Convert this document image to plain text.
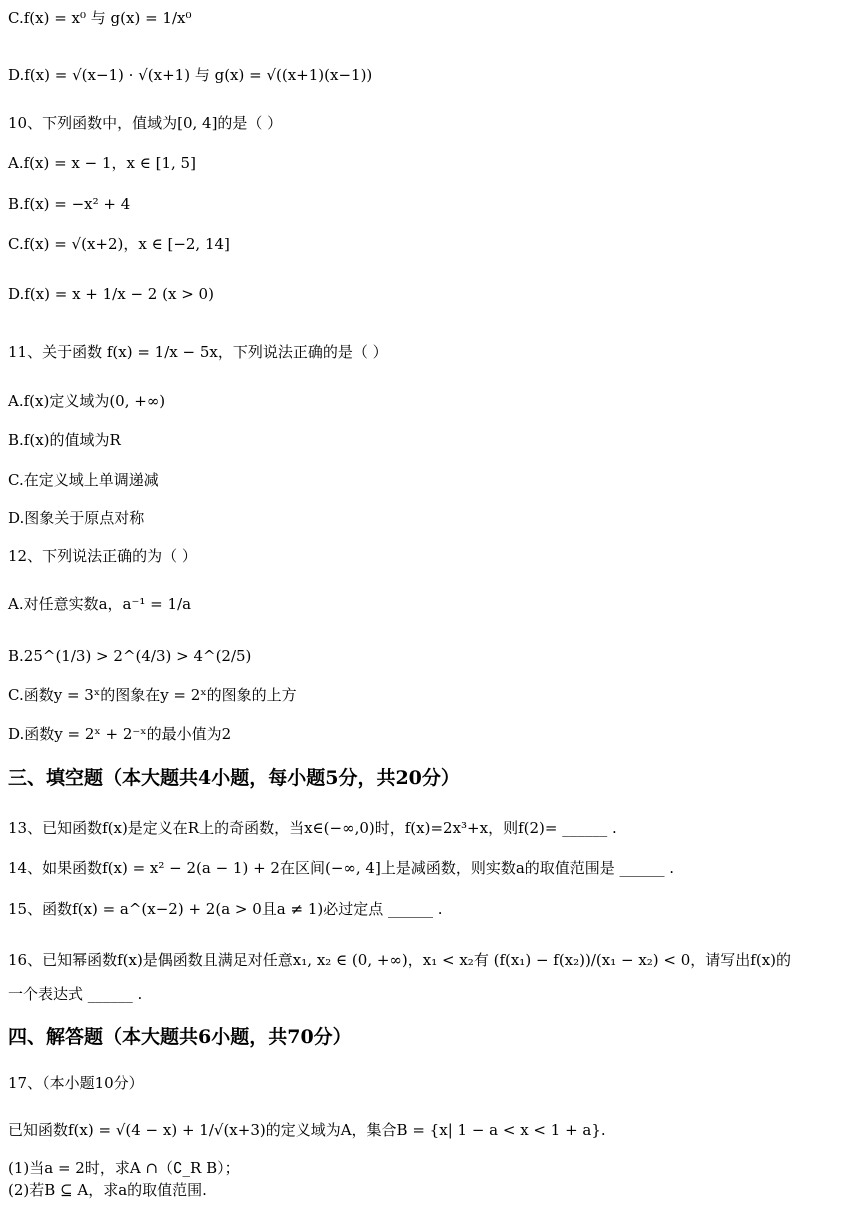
C.f(x) = x⁰ 与 g(x) = 1/x⁰
D.f(x) = √(x−1) · √(x+1) 与 g(x) = √((x+1)(x−1))
10、下列函数中，值域为[0, 4]的是（ ）
A.f(x) = x − 1，x ∈ [1, 5]
B.f(x) = −x² + 4
C.f(x) = √(x+2)，x ∈ [−2, 14]
D.f(x) = x + 1/x − 2 (x > 0)
11、关于函数 f(x) = 1/x − 5x，下列说法正确的是（ ）
A.f(x)定义域为(0, +∞)
B.f(x)的值域为R
C.在定义域上单调递减
D.图象关于原点对称
12、下列说法正确的为（ ）
A.对任意实数a，a⁻¹ = 1/a
B.25^(1/3) > 2^(4/3) > 4^(2/5)
C.函数y = 3ˣ的图象在y = 2ˣ的图象的上方
D.函数y = 2ˣ + 2⁻ˣ的最小值为2
三、填空题（本大题共4小题，每小题5分，共20分）
13、已知函数f(x)是定义在R上的奇函数，当x∈(−∞,0)时，f(x)=2x³+x，则f(2)= ______ .
14、如果函数f(x) = x² − 2(a − 1) + 2在区间(−∞, 4]上是减函数，则实数a的取值范围是 ______ .
15、函数f(x) = a^(x−2) + 2(a > 0且a ≠ 1)必过定点 ______ .
16、已知幂函数f(x)是偶函数且满足对任意x₁, x₂ ∈ (0, +∞)，x₁ < x₂有 (f(x₁) − f(x₂))/(x₁ − x₂) < 0，请写出f(x)的
一个表达式 ______ .
四、解答题（本大题共6小题，共70分）
17、（本小题10分）
已知函数f(x) = √(4 − x) + 1/√(x+3)的定义域为A，集合B = {x| 1 − a < x < 1 + a}.
(1)当a = 2时，求A ∩（∁_R B）；
(2)若B ⊆ A，求a的取值范围.
